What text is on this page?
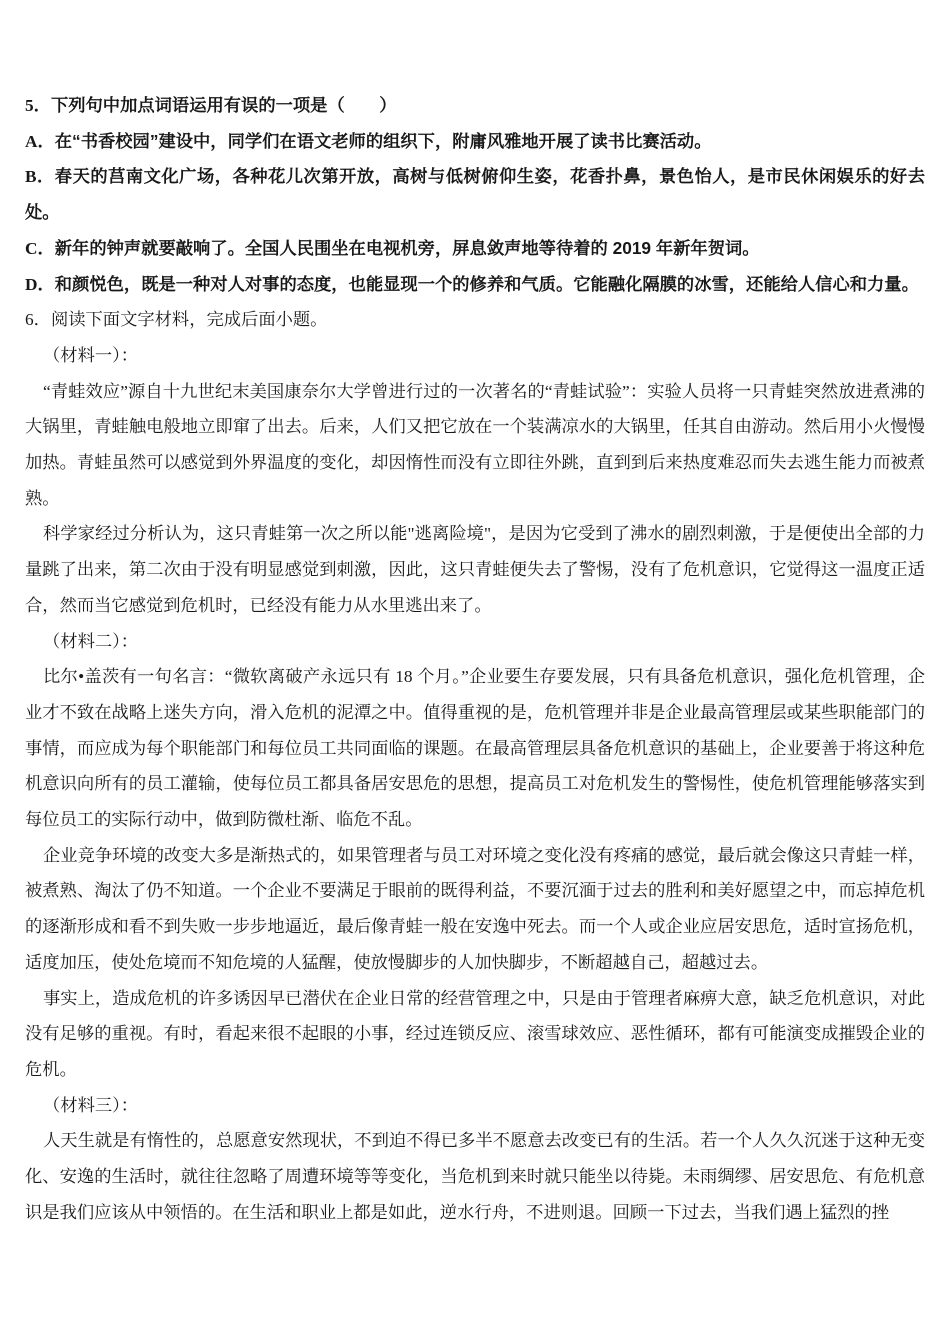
5．下列句中加点词语运用有误的一项是（　　）

A．在“书香校园”建设中，同学们在语文老师的组织下，附庸风雅地开展了读书比赛活动。

B．春天的莒南文化广场，各种花儿次第开放，高树与低树俯仰生姿，花香扑鼻，景色怡人，是市民休闲娱乐的好去处。

C．新年的钟声就要敲响了。全国人民围坐在电视机旁，屏息敛声地等待着的 2019 年新年贺词。

D．和颜悦色，既是一种对人对事的态度，也能显现一个的修养和气质。它能融化隔膜的冰雪，还能给人信心和力量。

6．阅读下面文字材料，完成后面小题。

（材料一）：

“青蛙效应”源自十九世纪末美国康奈尔大学曾进行过的一次著名的“青蛙试验”：实验人员将一只青蛙突然放进煮沸的大锅里，青蛙触电般地立即窜了出去。后来，人们又把它放在一个装满凉水的大锅里，任其自由游动。然后用小火慢慢加热。青蛙虽然可以感觉到外界温度的变化，却因惰性而没有立即往外跳，直到到后来热度难忍而失去逃生能力而被煮熟。

科学家经过分析认为，这只青蛙第一次之所以能"逃离险境"，是因为它受到了沸水的剧烈刺激，于是便使出全部的力量跳了出来，第二次由于没有明显感觉到刺激，因此，这只青蛙便失去了警惕，没有了危机意识，它觉得这一温度正适合，然而当它感觉到危机时，已经没有能力从水里逃出来了。

（材料二）：

比尔•盖茨有一句名言：“微软离破产永远只有 18 个月。”企业要生存要发展，只有具备危机意识，强化危机管理，企业才不致在战略上迷失方向，滑入危机的泥潭之中。值得重视的是，危机管理并非是企业最高管理层或某些职能部门的事情，而应成为每个职能部门和每位员工共同面临的课题。在最高管理层具备危机意识的基础上，企业要善于将这种危机意识向所有的员工灌输，使每位员工都具备居安思危的思想，提高员工对危机发生的警惕性，使危机管理能够落实到每位员工的实际行动中，做到防微杜渐、临危不乱。

企业竞争环境的改变大多是渐热式的，如果管理者与员工对环境之变化没有疼痛的感觉，最后就会像这只青蛙一样，被煮熟、淘汰了仍不知道。一个企业不要满足于眼前的既得利益，不要沉湎于过去的胜利和美好愿望之中，而忘掉危机的逐渐形成和看不到失败一步步地逼近，最后像青蛙一般在安逸中死去。而一个人或企业应居安思危，适时宣扬危机，适度加压，使处危境而不知危境的人猛醒，使放慢脚步的人加快脚步，不断超越自己，超越过去。

事实上，造成危机的许多诱因早已潜伏在企业日常的经营管理之中，只是由于管理者麻痹大意，缺乏危机意识，对此没有足够的重视。有时，看起来很不起眼的小事，经过连锁反应、滚雪球效应、恶性循环，都有可能演变成摧毁企业的危机。

（材料三）：

人天生就是有惰性的，总愿意安然现状，不到迫不得已多半不愿意去改变已有的生活。若一个人久久沉迷于这种无变化、安逸的生活时，就往往忽略了周遭环境等等变化，当危机到来时就只能坐以待毙。未雨绸缪、居安思危、有危机意识是我们应该从中领悟的。在生活和职业上都是如此，逆水行舟，不进则退。回顾一下过去，当我们遇上猛烈的挫
